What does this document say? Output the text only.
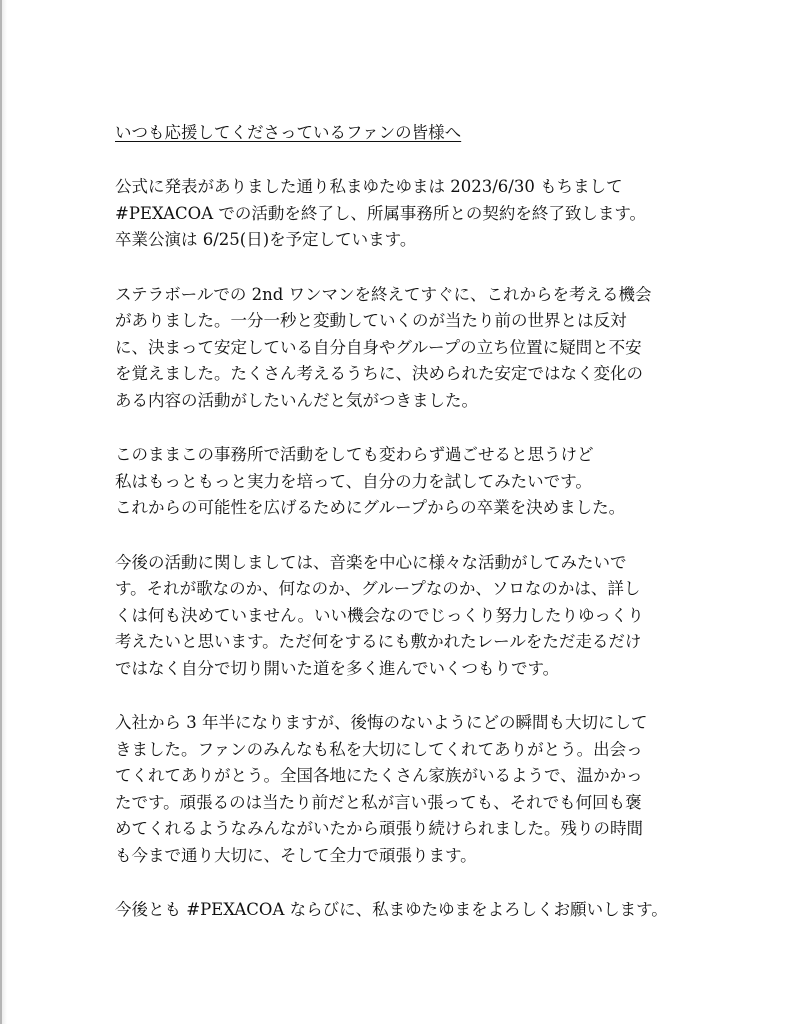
いつも応援してくださっているファンの皆様へ
公式に発表がありました通り私まゆたゆまは 2023/6/30 もちまして
#PEXACOA での活動を終了し、所属事務所との契約を終了致します。
卒業公演は 6/25(日)を予定しています。
ステラボールでの 2nd ワンマンを終えてすぐに、これからを考える機会
がありました。一分一秒と変動していくのが当たり前の世界とは反対
に、決まって安定している自分自身やグループの立ち位置に疑問と不安
を覚えました。たくさん考えるうちに、決められた安定ではなく変化の
ある内容の活動がしたいんだと気がつきました。
このままこの事務所で活動をしても変わらず過ごせると思うけど
私はもっともっと実力を培って、自分の力を試してみたいです。
これからの可能性を広げるためにグループからの卒業を決めました。
今後の活動に関しましては、音楽を中心に様々な活動がしてみたいで
す。それが歌なのか、何なのか、グループなのか、ソロなのかは、詳し
くは何も決めていません。いい機会なのでじっくり努力したりゆっくり
考えたいと思います。ただ何をするにも敷かれたレールをただ走るだけ
ではなく自分で切り開いた道を多く進んでいくつもりです。
入社から 3 年半になりますが、後悔のないようにどの瞬間も大切にして
きました。ファンのみんなも私を大切にしてくれてありがとう。出会っ
てくれてありがとう。全国各地にたくさん家族がいるようで、温かかっ
たです。頑張るのは当たり前だと私が言い張っても、それでも何回も褒
めてくれるようなみんながいたから頑張り続けられました。残りの時間
も今まで通り大切に、そして全力で頑張ります。
今後とも #PEXACOA ならびに、私まゆたゆまをよろしくお願いします。
